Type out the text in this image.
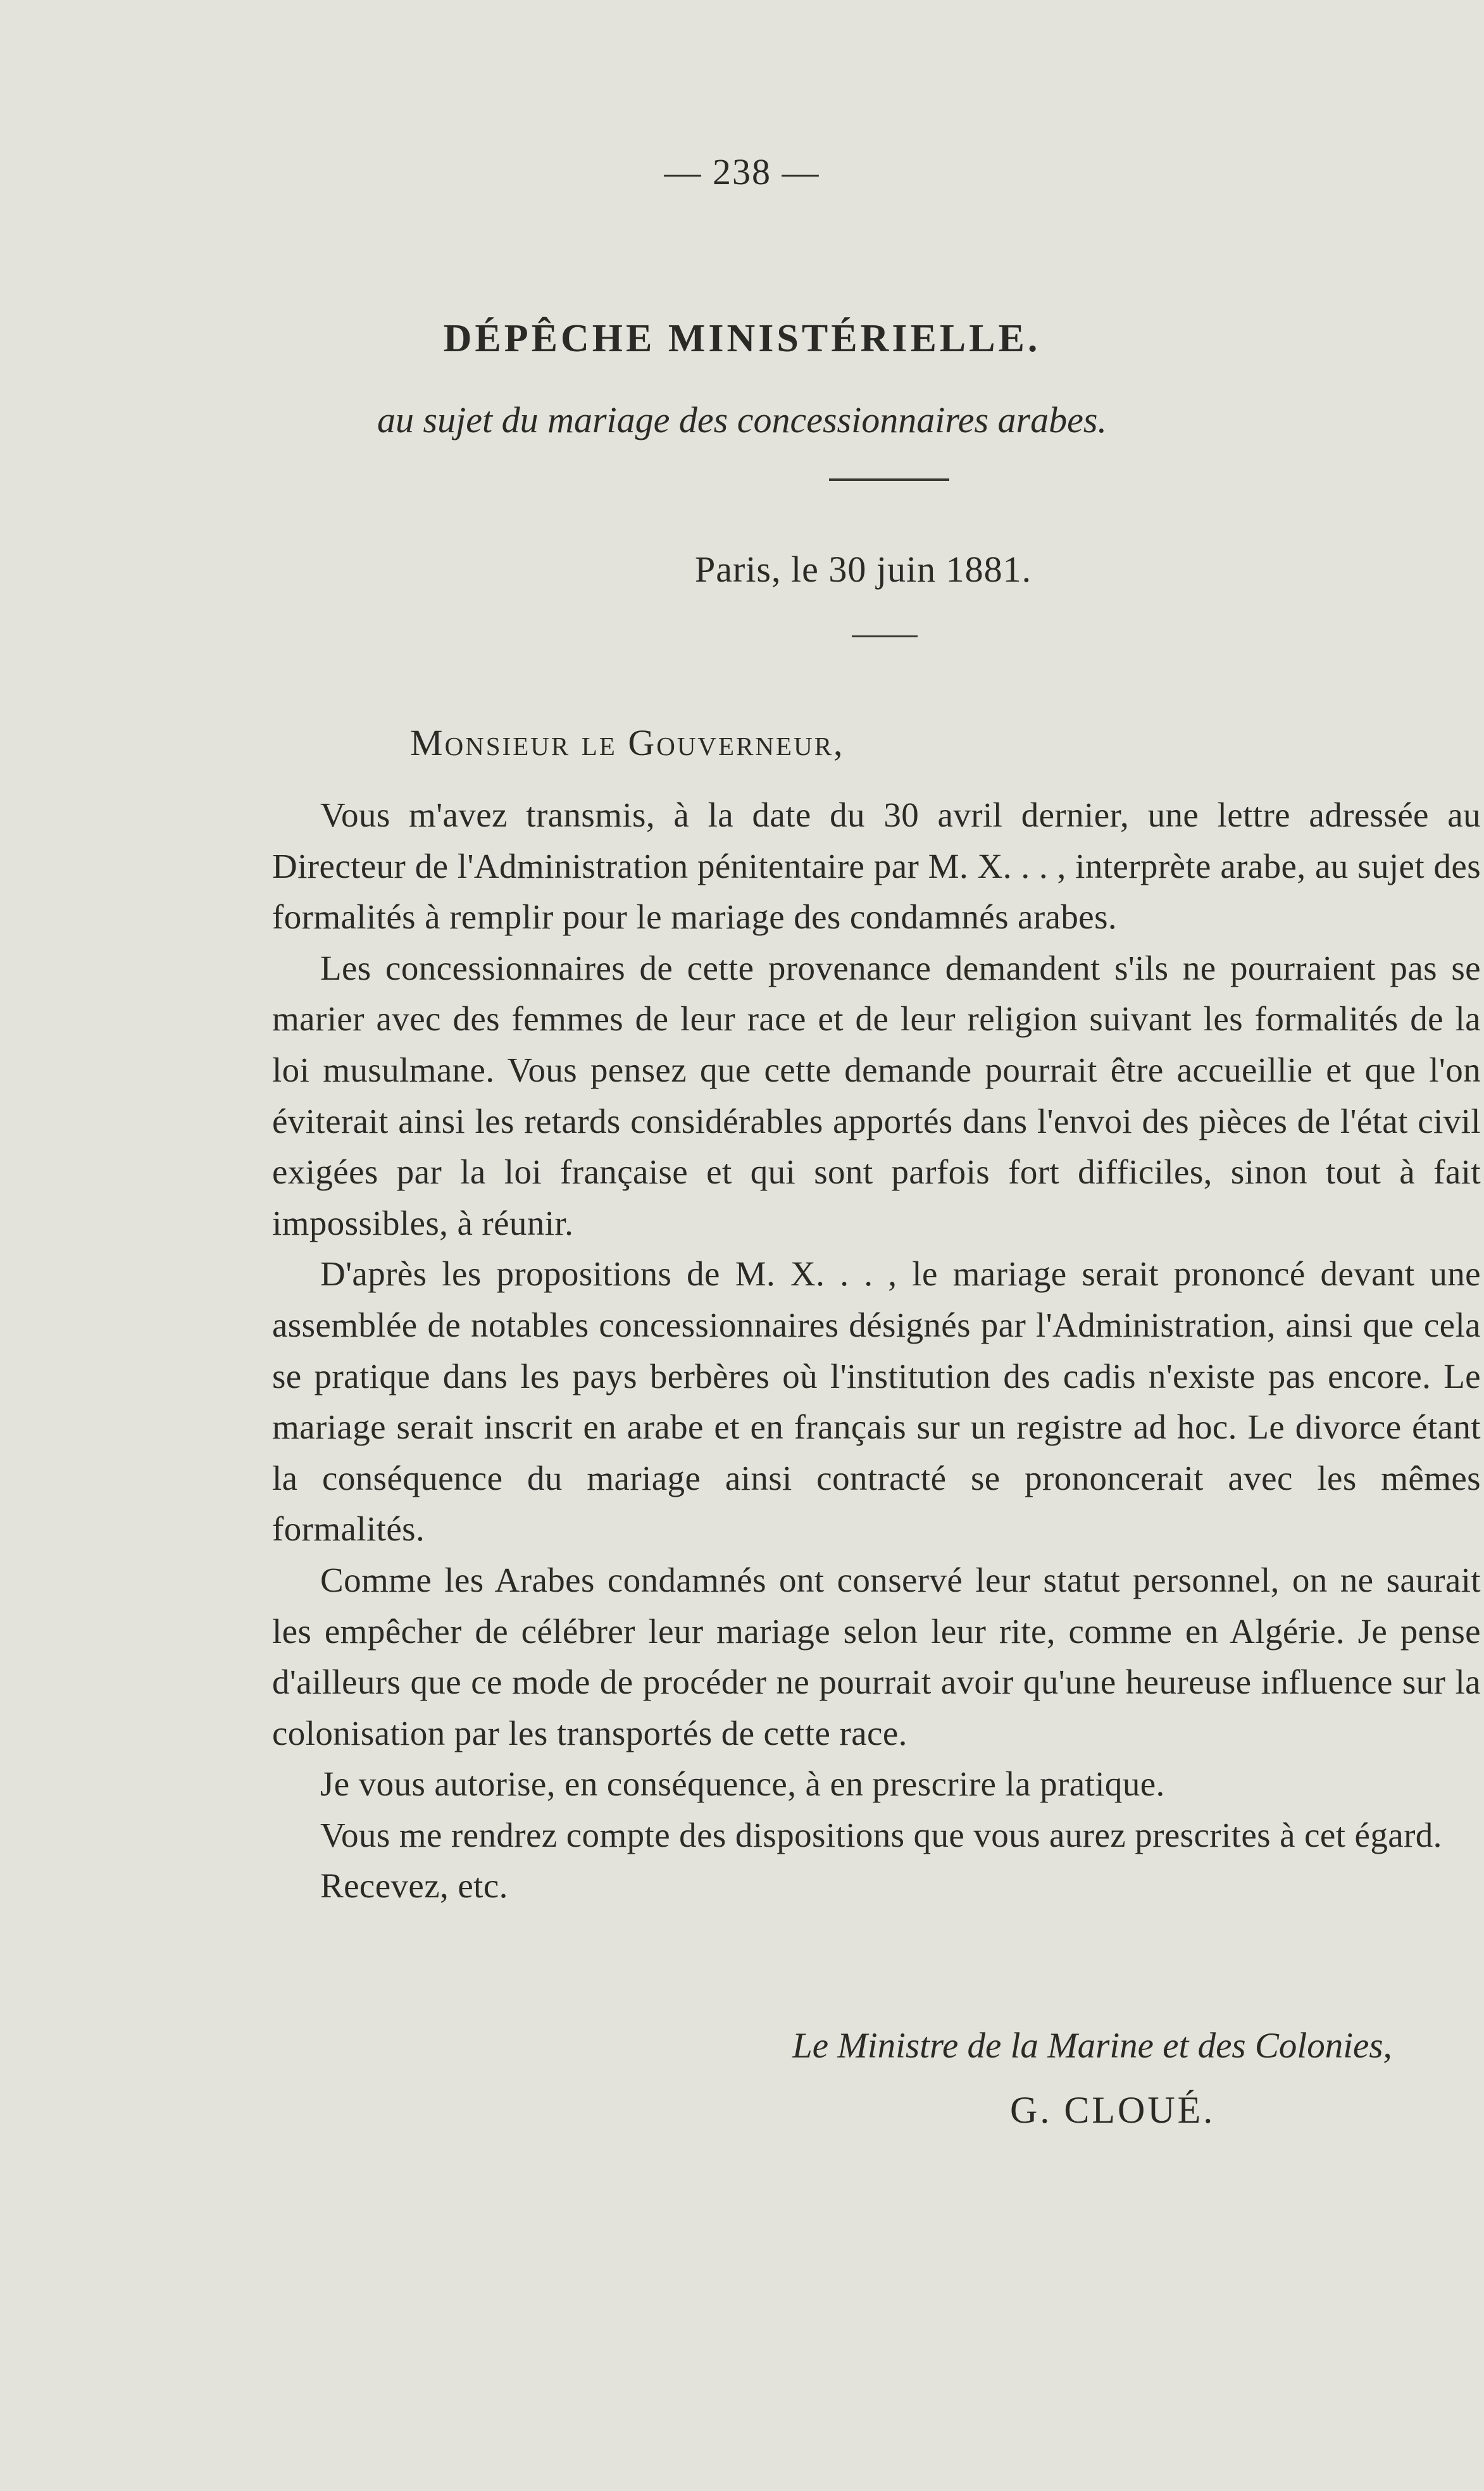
— 238 —
DÉPÊCHE MINISTÉRIELLE.
au sujet du mariage des concessionnaires arabes.
Paris, le 30 juin 1881.
Monsieur le Gouverneur,

Vous m'avez transmis, à la date du 30 avril dernier, une lettre adressée au Directeur de l'Administration pénitentaire par M. X. . . , interprète arabe, au sujet des formalités à remplir pour le mariage des condamnés arabes.

Les concessionnaires de cette provenance demandent s'ils ne pourraient pas se marier avec des femmes de leur race et de leur religion suivant les formalités de la loi musulmane. Vous pensez que cette demande pourrait être accueillie et que l'on éviterait ainsi les retards considérables apportés dans l'envoi des pièces de l'état civil exigées par la loi française et qui sont parfois fort difficiles, sinon tout à fait impossibles, à réunir.

D'après les propositions de M. X. . . , le mariage serait prononcé devant une assemblée de notables concessionnaires désignés par l'Administration, ainsi que cela se pratique dans les pays berbères où l'institution des cadis n'existe pas encore. Le mariage serait inscrit en arabe et en français sur un registre ad hoc. Le divorce étant la conséquence du mariage ainsi contracté se prononcerait avec les mêmes formalités.

Comme les Arabes condamnés ont conservé leur statut personnel, on ne saurait les empêcher de célébrer leur mariage selon leur rite, comme en Algérie. Je pense d'ailleurs que ce mode de procéder ne pourrait avoir qu'une heureuse influence sur la colonisation par les transportés de cette race.

Je vous autorise, en conséquence, à en prescrire la pratique.

Vous me rendrez compte des dispositions que vous aurez prescrites à cet égard.

Recevez, etc.
Le Ministre de la Marine et des Colonies,
G. CLOUÉ.
